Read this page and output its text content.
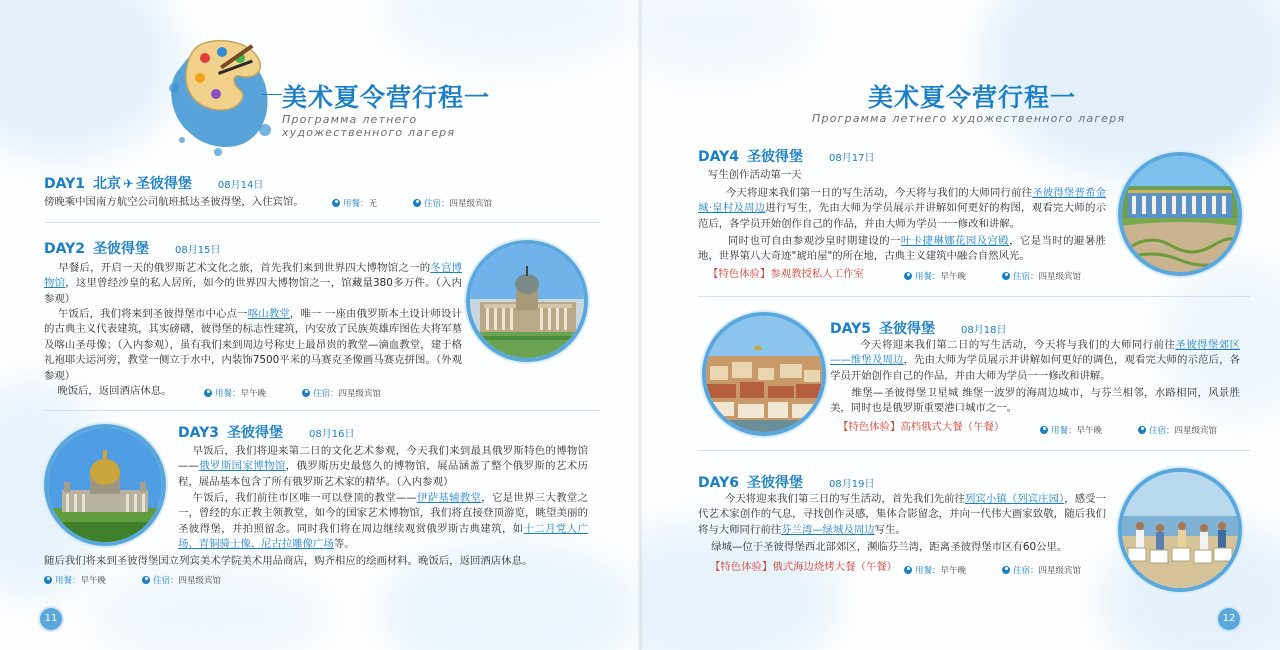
美术夏令营行程一
Программа летнего
художественного лагеря
DAY1 北京 ✈ 圣彼得堡	08月14日
傍晚乘中国南方航空公司航班抵达圣彼得堡，入住宾馆。	用餐： 无	住宿： 四星级宾馆
DAY2 圣彼得堡	08月15日
早餐后，开启一天的俄罗斯艺术文化之旅，首先我们来到世界四大博物馆之一的冬宫博物馆，这里曾经沙皇的私人居所，如今的世界四大博物馆之一，馆藏量380多万件。（入内参观）
午饭后，我们将来到圣彼得堡市中心点一喀山教堂，唯一 一座由俄罗斯本土设计师设计的古典主义代表建筑，其实磅礴，彼得堡的标志性建筑，内安放了民族英雄库图佐夫将军墓及喀山圣母像；（入内参观），虽有我们来到周边号称史上最昂贵的教堂—滴血教堂，建于格礼袍耶夫运河旁，教堂一侧立于水中，内装饰7500平米的马赛克圣像画马赛克拼图。（外观参观）
晚饭后，返回酒店休息。	用餐： 早午晚	住宿： 四星级宾馆
DAY3 圣彼得堡	08月16日
早饭后，我们将迎来第二日的文化艺术参观，今天我们来到最具俄罗斯特色的博物馆——俄罗斯国家博物馆，俄罗斯历史最悠久的博物馆，展品涵盖了整个俄罗斯的艺术历程，展品基本包含了所有俄罗斯艺术家的精华。（入内参观）
午饭后，我们前往市区唯一可以登顶的教堂——伊萨基辅教堂，它是世界三大教堂之一，曾经的东正教主领教堂，如今的国家艺术博物馆，我们将直接登顶游览，眺望美丽的圣彼得堡，并拍照留念。同时我们将在周边继续观赏俄罗斯古典建筑，如十二月党人广场、青铜骑士像、尼古拉雕像广场等。
随后我们将来到圣彼得堡国立列宾美术学院美术用品商店，购齐相应的绘画材料。晚饭后，返回酒店休息。
用餐： 早午晚	住宿： 四星级宾馆
11
美术夏令营行程一
Программа летнего художественного лагеря
DAY4 圣彼得堡	08月17日
写生创作活动第一天
今天将迎来我们第一日的写生活动，今天将与我们的大师同行前往圣彼得堡普希金城·皇村及周边进行写生，先由大师为学员展示并讲解如何更好的构图，观看完大师的示范后，各学员开始创作自己的作品，并由大师为学员一一修改和讲解。
同时也可自由参观沙皇时期建设的一叶卡捷琳娜花园及宫殿，它是当时的避暑胜地，世界第八大奇迹"琥珀屋"的所在地，古典主义建筑中融合自然风光。
【特色体验】参观教授私人工作室	用餐： 早午晚	住宿： 四星级宾馆
DAY5 圣彼得堡	08月18日
今天将迎来我们第二日的写生活动，今天将与我们的大师同行前往圣彼得堡郊区——维堡及周边，先由大师为学员展示并讲解如何更好的调色，观看完大师的示范后，各学员开始创作自己的作品，并由大师为学员一一修改和讲解。
维堡—圣彼得堡卫星城 维堡一波罗的海周边城市，与芬兰相邻，水路相同，风景胜美，同时也是俄罗斯重要港口城市之一。
【特色体验】高档俄式大餐（午餐）	用餐： 早午晚	住宿： 四星级宾馆
DAY6 圣彼得堡	08月19日
今天将迎来我们第三日的写生活动，首先我们先前往列宾小镇（列宾庄园），感受一代艺术家创作的气息，寻找创作灵感，集体合影留念，并向一代伟大画家致敬，随后我们将与大师同行前往芬兰湾—绿城及周边写生。
绿城—位于圣彼得堡西北部郊区，濒临芬兰湾，距离圣彼得堡市区有60公里。
【特色体验】俄式海边烧烤大餐（午餐）	用餐： 早午晚	住宿： 四星级宾馆
12
